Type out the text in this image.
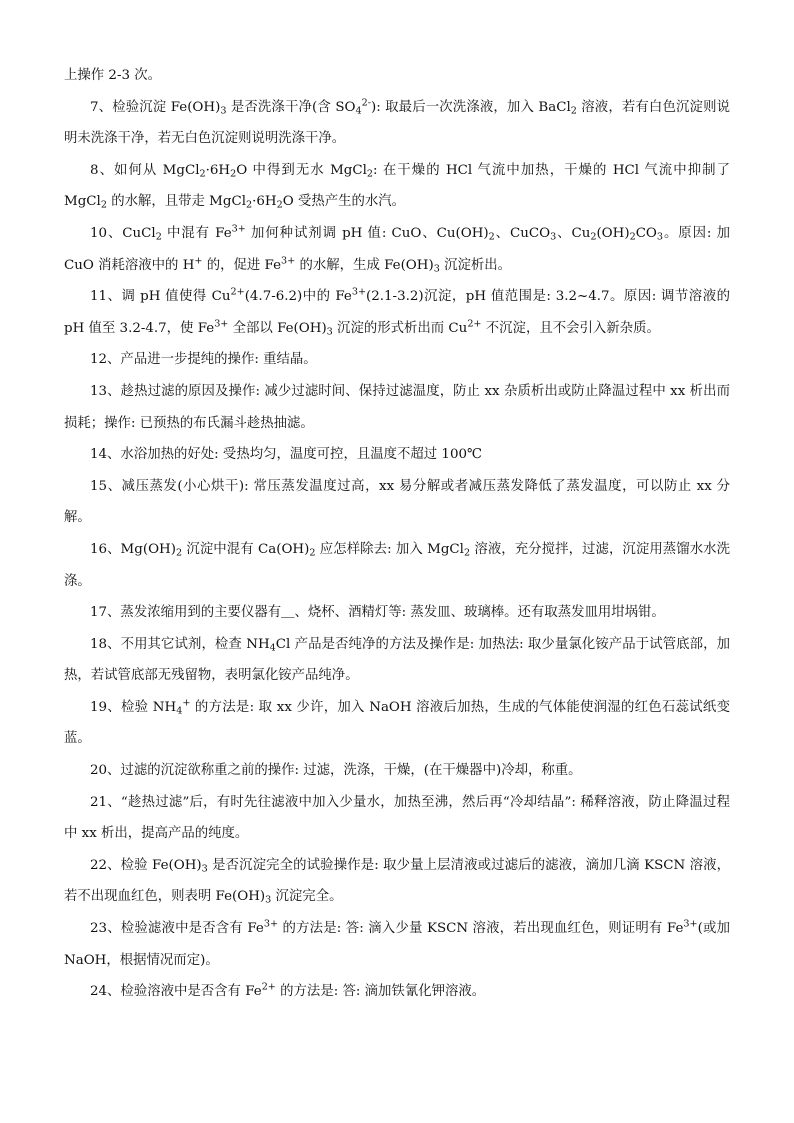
上操作 2-3 次。

7、检验沉淀 Fe(OH)3 是否洗涤干净(含 $SO4^{2-}$): 取最后一次洗涤液，加入 BaCl2 溶液，若有白色沉淀则说明未洗涤干净，若无白色沉淀则说明洗涤干净。

8、如何从 MgCl2·6H2O 中得到无水 MgCl2: 在干燥的 HCl 气流中加热，干燥的 HCl 气流中抑制了 MgCl2 的水解，且带走 MgCl2·6H2O 受热产生的水汽。

10、CuCl2 中混有 $Fe^{3+}$ 加何种试剂调 pH 值: CuO、Cu(OH)2、CuCO3、Cu2(OH)2CO3。原因: 加 CuO 消耗溶液中的 H+ 的，促进 $Fe^{3+}$ 的水解，生成 Fe(OH)3 沉淀析出。

11、调 pH 值使得 $Cu^{2+}(4.7-6.2)$中的 $Fe^{3+}(2.1-3.2)$沉淀，pH 值范围是: 3.2~4.7。原因: 调节溶液的 pH 值至 3.2-4.7，使 $Fe^{3+}$ 全部以 Fe(OH)3 沉淀的形式析出而 $Cu^{2+}$ 不沉淀，且不会引入新杂质。

12、产品进一步提纯的操作: 重结晶。

13、趁热过滤的原因及操作: 减少过滤时间、保持过滤温度，防止 xx 杂质析出或防止降温过程中 xx 析出而损耗；操作: 已预热的布氏漏斗趁热抽滤。

14、水浴加热的好处: 受热均匀，温度可控，且温度不超过 100℃

15、减压蒸发(小心烘干): 常压蒸发温度过高，xx 易分解或者减压蒸发降低了蒸发温度，可以防止 xx 分解。

16、Mg(OH)2 沉淀中混有 Ca(OH)2 应怎样除去: 加入 MgCl2 溶液，充分搅拌，过滤，沉淀用蒸馏水水洗涤。

17、蒸发浓缩用到的主要仪器有＿、烧杯、酒精灯等: 蒸发皿、玻璃棒。还有取蒸发皿用坩埚钳。

18、不用其它试剂，检查 NH4Cl 产品是否纯净的方法及操作是: 加热法: 取少量氯化铵产品于试管底部，加热，若试管底部无残留物，表明氯化铵产品纯净。

19、检验 NH4+ 的方法是: 取 xx 少许，加入 NaOH 溶液后加热，生成的气体能使润湿的红色石蕊试纸变蓝。

20、过滤的沉淀欲称重之前的操作: 过滤，洗涤，干燥，(在干燥器中)冷却，称重。

21、“趁热过滤”后，有时先往滤液中加入少量水，加热至沸，然后再“冷却结晶”: 稀释溶液，防止降温过程中 xx 析出，提高产品的纯度。

22、检验 Fe(OH)3 是否沉淀完全的试验操作是: 取少量上层清液或过滤后的滤液，滴加几滴 KSCN 溶液，若不出现血红色，则表明 Fe(OH)3 沉淀完全。

23、检验滤液中是否含有 $Fe^{3+}$ 的方法是: 答: 滴入少量 KSCN 溶液，若出现血红色，则证明有 $Fe^{3+}$(或加 NaOH，根据情况而定)。

24、检验溶液中是否含有 $Fe^{2+}$ 的方法是: 答: 滴加铁氰化钾溶液。
